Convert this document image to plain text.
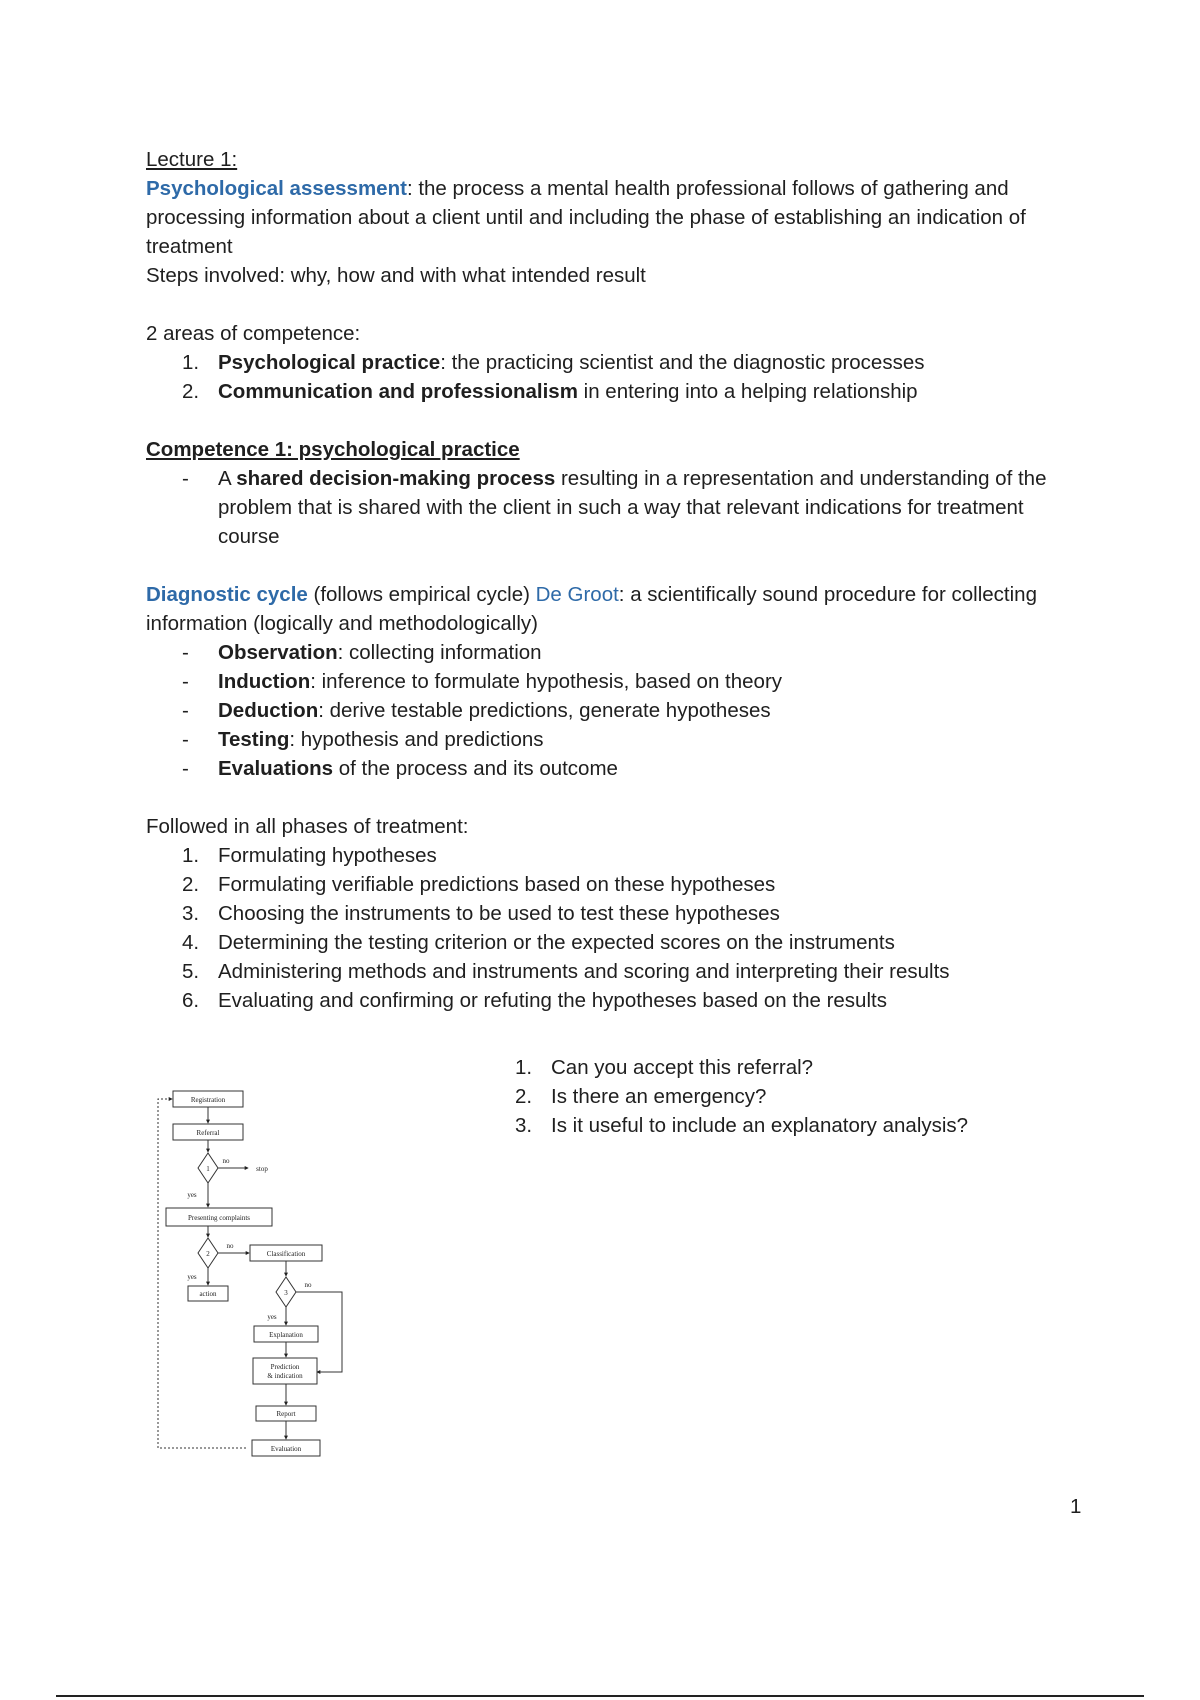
Lecture 1:

Psychological assessment: the process a mental health professional follows of gathering and processing information about a client until and including the phase of establishing an indication of treatment

Steps involved: why, how and with what intended result

2 areas of competence:

1. Psychological practice: the practicing scientist and the diagnostic processes
2. Communication and professionalism in entering into a helping relationship

Competence 1: psychological practice

-	A shared decision-making process resulting in a representation and understanding of the problem that is shared with the client in such a way that relevant indications for treatment course

Diagnostic cycle (follows empirical cycle) De Groot: a scientifically sound procedure for collecting information (logically and methodologically)

-	Observation: collecting information
-	Induction: inference to formulate hypothesis, based on theory
-	Deduction: derive testable predictions, generate hypotheses
-	Testing: hypothesis and predictions
-	Evaluations of the process and its outcome

Followed in all phases of treatment:

1. Formulating hypotheses
2. Formulating verifiable predictions based on these hypotheses
3. Choosing the instruments to be used to test these hypotheses
4. Determining the testing criterion or the expected scores on the instruments
5. Administering methods and instruments and scoring and interpreting their results
6. Evaluating and confirming or refuting the hypotheses based on the results
Registration
Referral
1
no
stop
yes
Presenting complaints
2
no
yes
action
Classification
3
no
yes
Explanation
Prediction
& indication
Report
Evaluation
1. Can you accept this referral?
2. Is there an emergency?
3. Is it useful to include an explanatory analysis?
1
